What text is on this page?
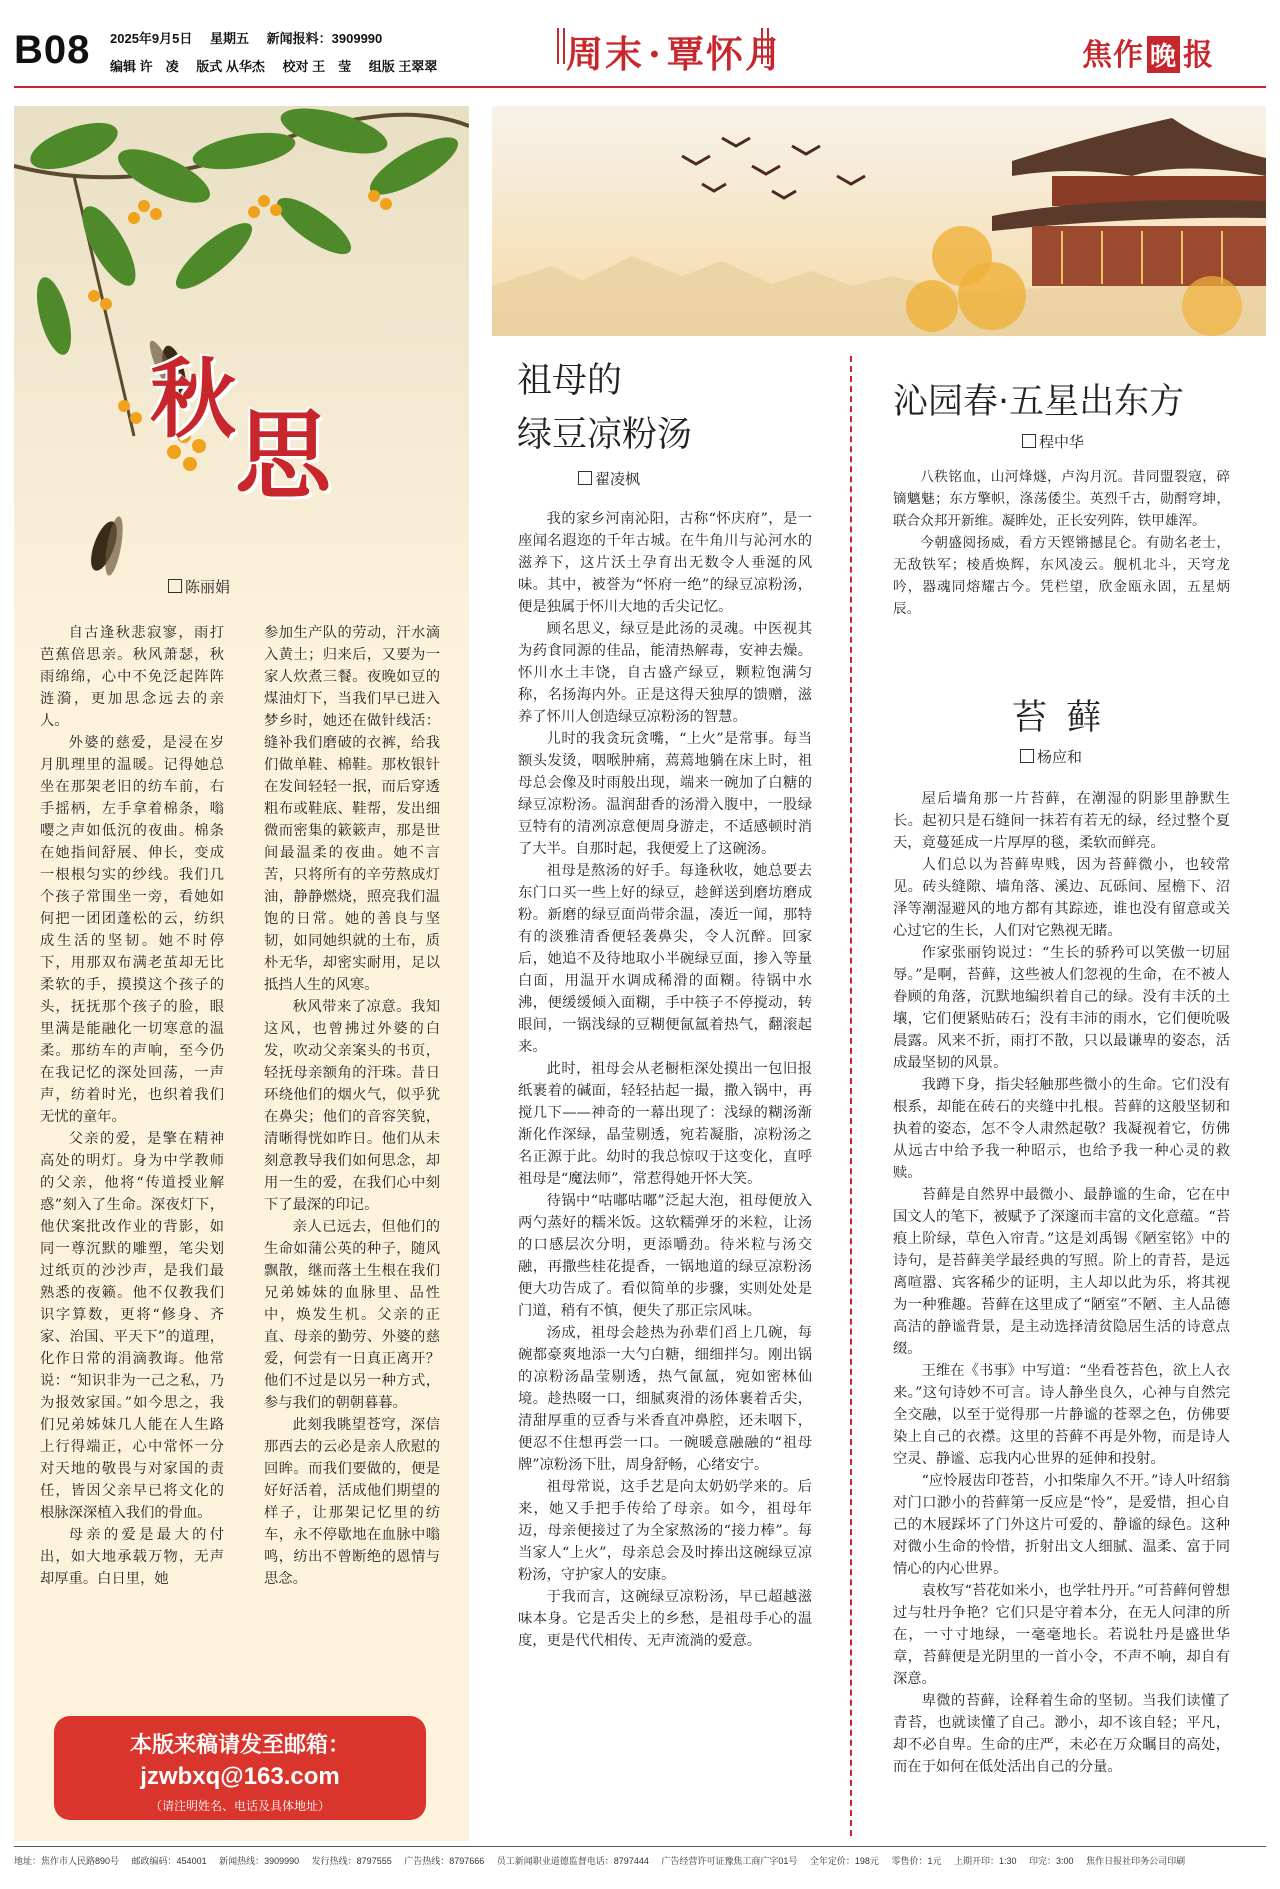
B08 2025年9月5日 星期五 新闻报料：3909990
编辑 许　凌 版式 从华杰 校对 王　莹 组版 王翠翠	周末 · 覃怀月	焦作 晚 报
秋 思
陈丽娟

自古逢秋悲寂寥，雨打芭蕉倍思亲。秋风萧瑟，秋雨绵绵，心中不免泛起阵阵涟漪，更加思念远去的亲人。

外婆的慈爱，是浸在岁月肌理里的温暖。记得她总坐在那架老旧的纺车前，右手摇柄，左手拿着棉条，嗡嘤之声如低沉的夜曲。棉条在她指间舒展、伸长，变成一根根匀实的纱线。我们几个孩子常围坐一旁，看她如何把一团团蓬松的云，纺织成生活的坚韧。她不时停下，用那双布满老茧却无比柔软的手，摸摸这个孩子的头，抚抚那个孩子的脸，眼里满是能融化一切寒意的温柔。那纺车的声响，至今仍在我记忆的深处回荡，一声声，纺着时光，也织着我们无忧的童年。

父亲的爱，是擎在精神高处的明灯。身为中学教师的父亲，他将“传道授业解惑”刻入了生命。深夜灯下，他伏案批改作业的背影，如同一尊沉默的雕塑，笔尖划过纸页的沙沙声，是我们最熟悉的夜籁。他不仅教我们识字算数，更将“修身、齐家、治国、平天下”的道理，化作日常的涓滴教诲。他常说：“知识非为一己之私，乃为报效家国。”如今思之，我们兄弟姊妹几人能在人生路上行得端正，心中常怀一分对天地的敬畏与对家国的责任，皆因父亲早已将文化的根脉深深植入我们的骨血。

母亲的爱是最大的付出，如大地承载万物，无声却厚重。白日里，她

参加生产队的劳动，汗水滴入黄土；归来后，又要为一家人炊煮三餐。夜晚如豆的煤油灯下，当我们早已进入梦乡时，她还在做针线活：缝补我们磨破的衣裤，给我们做单鞋、棉鞋。那枚银针在发间轻轻一抿，而后穿透粗布或鞋底、鞋帮，发出细微而密集的簌簌声，那是世间最温柔的夜曲。她不言苦，只将所有的辛劳熬成灯油，静静燃烧，照亮我们温饱的日常。她的善良与坚韧，如同她织就的土布，质朴无华，却密实耐用，足以抵挡人生的风寒。

秋风带来了凉意。我知这风，也曾拂过外婆的白发，吹动父亲案头的书页，轻抚母亲额角的汗珠。昔日环绕他们的烟火气，似乎犹在鼻尖；他们的音容笑貌，清晰得恍如昨日。他们从未刻意教导我们如何思念，却用一生的爱，在我们心中刻下了最深的印记。

亲人已远去，但他们的生命如蒲公英的种子，随风飘散，继而落土生根在我们兄弟姊妹的血脉里、品性中，焕发生机。父亲的正直、母亲的勤劳、外婆的慈爱，何尝有一日真正离开？他们不过是以另一种方式，参与我们的朝朝暮暮。

此刻我眺望苍穹，深信那西去的云必是亲人欣慰的回眸。而我们要做的，便是好好活着，活成他们期望的样子，让那架记忆里的纺车，永不停歇地在血脉中嗡鸣，纺出不曾断绝的恩情与思念。

本版来稿请发至邮箱：
jzwbxq@163.com
（请注明姓名、电话及具体地址）
祖母的
绿豆凉粉汤
翟凌枫

我的家乡河南沁阳，古称“怀庆府”，是一座闻名遐迩的千年古城。在牛角川与沁河水的滋养下，这片沃土孕育出无数令人垂涎的风味。其中，被誉为“怀府一绝”的绿豆凉粉汤，便是独属于怀川大地的舌尖记忆。

顾名思义，绿豆是此汤的灵魂。中医视其为药食同源的佳品，能清热解毒，安神去燥。怀川水土丰饶，自古盛产绿豆，颗粒饱满匀称，名扬海内外。正是这得天独厚的馈赠，滋养了怀川人创造绿豆凉粉汤的智慧。

儿时的我贪玩贪嘴，“上火”是常事。每当额头发烫，咽喉肿痛，蔫蔫地躺在床上时，祖母总会像及时雨般出现，端来一碗加了白糖的绿豆凉粉汤。温润甜香的汤滑入腹中，一股绿豆特有的清冽凉意便周身游走，不适感顿时消了大半。自那时起，我便爱上了这碗汤。

祖母是熬汤的好手。每逢秋收，她总要去东门口买一些上好的绿豆，趁鲜送到磨坊磨成粉。新磨的绿豆面尚带余温，凑近一闻，那特有的淡雅清香便轻袭鼻尖，令人沉醉。回家后，她追不及待地取小半碗绿豆面，掺入等量白面，用温开水调成稀滑的面糊。待锅中水沸，便缓缓倾入面糊，手中筷子不停搅动，转眼间，一锅浅绿的豆糊便氤氲着热气，翻滚起来。

此时，祖母会从老橱柜深处摸出一包旧报纸裹着的碱面，轻轻拈起一撮，撒入锅中，再搅几下——神奇的一幕出现了：浅绿的糊汤渐渐化作深绿，晶莹剔透，宛若凝脂，凉粉汤之名正源于此。幼时的我总惊叹于这变化，直呼祖母是“魔法师”，常惹得她开怀大笑。

待锅中“咕嘟咕嘟”泛起大泡，祖母便放入两勺蒸好的糯米饭。这软糯弹牙的米粒，让汤的口感层次分明，更添嚼劲。待米粒与汤交融，再撒些桂花提香，一锅地道的绿豆凉粉汤便大功告成了。看似简单的步骤，实则处处是门道，稍有不慎，便失了那正宗风味。

汤成，祖母会趁热为孙辈们舀上几碗，每碗都豪爽地添一大勺白糖，细细拌匀。刚出锅的凉粉汤晶莹剔透，热气氤氲，宛如密林仙境。趁热啜一口，细腻爽滑的汤体裹着舌尖，清甜厚重的豆香与米香直冲鼻腔，还未咽下，便忍不住想再尝一口。一碗暖意融融的“祖母牌”凉粉汤下肚，周身舒畅，心绪安宁。

祖母常说，这手艺是向太奶奶学来的。后来，她又手把手传给了母亲。如今，祖母年迈，母亲便接过了为全家熬汤的“接力棒”。每当家人“上火”，母亲总会及时捧出这碗绿豆凉粉汤，守护家人的安康。

于我而言，这碗绿豆凉粉汤，早已超越滋味本身。它是舌尖上的乡愁，是祖母手心的温度，更是代代相传、无声流淌的爱意。

沁园春·五星出东方
程中华

八秩铭血，山河烽燧，卢沟月沉。昔同盟裂寇，碎镝魑魅；东方擎帜，涤荡倭尘。英烈千古，勋酹穹坤，联合众邦开新维。凝眸处，正长安列阵，铁甲雄浑。

今朝盛阅扬威，看方天铿锵撼昆仑。有勋名老士，无敌铁军；棱盾焕辉，东风凌云。舰机北斗，天穹龙吟，器魂同熔耀古今。凭栏望，欣金瓯永固，五星炳辰。

苔 藓
杨应和

屋后墙角那一片苔藓，在潮湿的阴影里静默生长。起初只是石缝间一抹若有若无的绿，经过整个夏天，竟蔓延成一片厚厚的毯，柔软而鲜亮。

人们总以为苔藓卑贱，因为苔藓微小，也较常见。砖头缝隙、墙角落、溪边、瓦砾间、屋檐下、沼泽等潮湿避风的地方都有其踪迹，谁也没有留意或关心过它的生长，人们对它熟视无睹。

作家张丽钧说过：“生长的骄矜可以笑傲一切屈辱。”是啊，苔藓，这些被人们忽视的生命，在不被人眷顾的角落，沉默地编织着自己的绿。没有丰沃的土壤，它们便紧贴砖石；没有丰沛的雨水，它们便吮吸晨露。风来不折，雨打不散，只以最谦卑的姿态，活成最坚韧的风景。

我蹲下身，指尖轻触那些微小的生命。它们没有根系，却能在砖石的夹缝中扎根。苔藓的这般坚韧和执着的姿态，怎不令人肃然起敬？我凝视着它，仿佛从远古中给予我一种昭示，也给予我一种心灵的救赎。

苔藓是自然界中最微小、最静谧的生命，它在中国文人的笔下，被赋予了深邃而丰富的文化意蕴。“苔痕上阶绿，草色入帘青。”这是刘禹锡《陋室铭》中的诗句，是苔藓美学最经典的写照。阶上的青苔，是远离喧嚣、宾客稀少的证明，主人却以此为乐，将其视为一种雅趣。苔藓在这里成了“陋室”不陋、主人品德高洁的静谧背景，是主动选择清贫隐居生活的诗意点缀。

王维在《书事》中写道：“坐看苍苔色，欲上人衣来。”这句诗妙不可言。诗人静坐良久，心神与自然完全交融，以至于觉得那一片静谧的苍翠之色，仿佛要染上自己的衣襟。这里的苔藓不再是外物，而是诗人空灵、静谧、忘我内心世界的延伸和投射。

“应怜屐齿印苍苔，小扣柴扉久不开。”诗人叶绍翁对门口渺小的苔藓第一反应是“怜”，是爱惜，担心自己的木屐踩坏了门外这片可爱的、静谧的绿色。这种对微小生命的怜惜，折射出文人细腻、温柔、富于同情心的内心世界。

袁枚写“苔花如米小，也学牡丹开。”可苔藓何曾想过与牡丹争艳？它们只是守着本分，在无人问津的所在，一寸寸地绿，一毫毫地长。若说牡丹是盛世华章，苔藓便是光阴里的一首小令，不声不响，却自有深意。

卑微的苔藓，诠释着生命的坚韧。当我们读懂了青苔，也就读懂了自己。渺小，却不该自轻；平凡，却不必自卑。生命的庄严，未必在万众瞩目的高处，而在于如何在低处活出自己的分量。

地址：焦作市人民路890号 邮政编码：454001 新闻热线：3909990 发行热线：8797555 广告热线：8797666 员工新闻职业道德监督电话：8797444 广告经营许可证豫焦工商广字01号 全年定价：198元 零售价：1元 上期开印：1:30 印完：3:00 焦作日报社印务公司印刷
